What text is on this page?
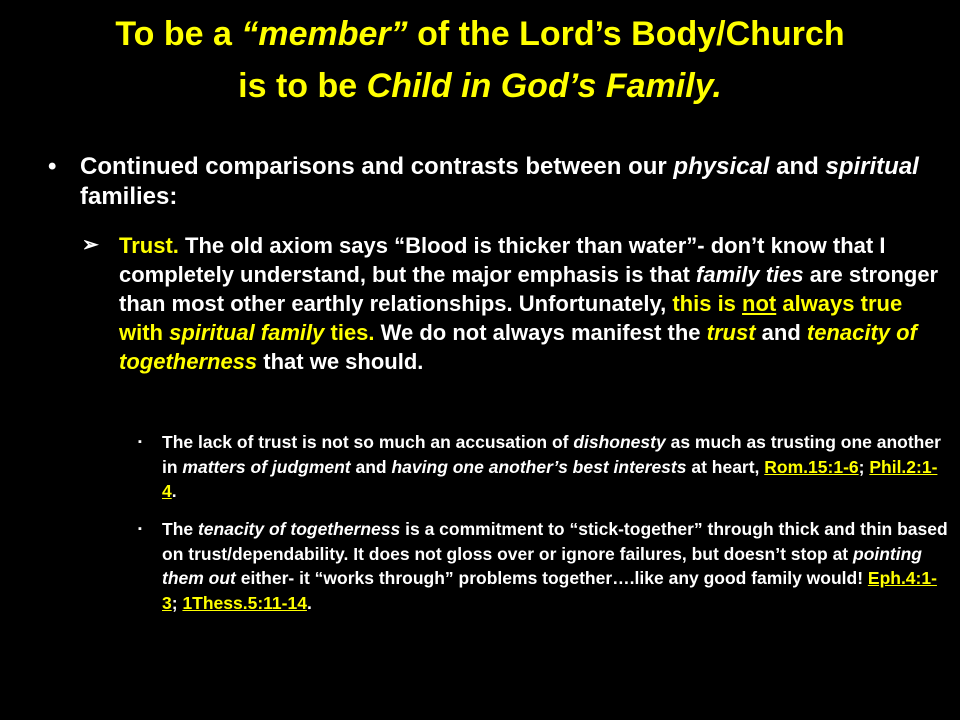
To be a “member” of the Lord’s Body/Church
is to be Child in God’s Family.
• Continued comparisons and contrasts between our physical and spiritual families:
➢ Trust. The old axiom says “Blood is thicker than water”- don’t know that I completely understand, but the major emphasis is that family ties are stronger than most other earthly relationships. Unfortunately, this is not always true with spiritual family ties. We do not always manifest the trust and tenacity of togetherness that we should.
▪ The lack of trust is not so much an accusation of dishonesty as much as trusting one another in matters of judgment and having one another’s best interests at heart, Rom.15:1-6; Phil.2:1-4.
▪ The tenacity of togetherness is a commitment to “stick-together” through thick and thin based on trust/dependability. It does not gloss over or ignore failures, but doesn’t stop at pointing them out either- it “works through” problems together….like any good family would! Eph.4:1-3; 1Thess.5:11-14.
